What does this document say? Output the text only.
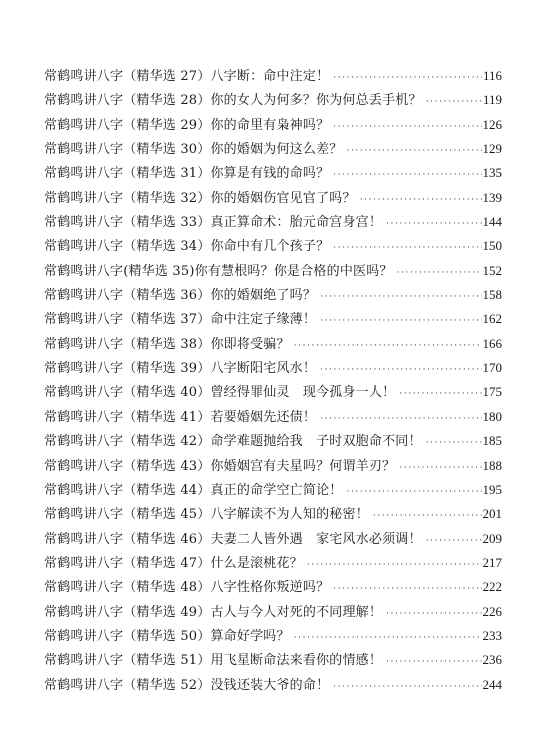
常鹤鸣讲八字（精华选 27）八字断：命中注定！ ·····	116
常鹤鸣讲八字（精华选 28）你的女人为何多？你为何总丢手机？ ·····	119
常鹤鸣讲八字（精华选 29）你的命里有枭神吗？ ·····	126
常鹤鸣讲八字（精华选 30）你的婚姻为何这么差？ ·····	129
常鹤鸣讲八字（精华选 31）你算是有钱的命吗？ ·····	135
常鹤鸣讲八字（精华选 32）你的婚姻伤官见官了吗？ ·····	139
常鹤鸣讲八字（精华选 33）真正算命术：胎元命宫身宫！ ·····	144
常鹤鸣讲八字（精华选 34）你命中有几个孩子？ ·····	150
常鹤鸣讲八字(精华选 35)你有慧根吗？你是合格的中医吗？ ·····	152
常鹤鸣讲八字（精华选 36）你的婚姻绝了吗？ ·····	158
常鹤鸣讲八字（精华选 37）命中注定子缘薄！ ·····	162
常鹤鸣讲八字（精华选 38）你即将受骗？ ·····	166
常鹤鸣讲八字（精华选 39）八字断阳宅风水！ ·····	170
常鹤鸣讲八字（精华选 40）曾经得罪仙灵　现今孤身一人！ ·····	175
常鹤鸣讲八字（精华选 41）若要婚姻先还债！ ·····	180
常鹤鸣讲八字（精华选 42）命学难题抛给我　子时双胞命不同！ ·····	185
常鹤鸣讲八字（精华选 43）你婚姻宫有夫星吗？何谓羊刃？ ·····	188
常鹤鸣讲八字（精华选 44）真正的命学空亡简论！ ·····	195
常鹤鸣讲八字（精华选 45）八字解读不为人知的秘密！ ·····	201
常鹤鸣讲八字（精华选 46）夫妻二人皆外遇　家宅风水必须调！ ·····	209
常鹤鸣讲八字（精华选 47）什么是滚桃花？ ·····	217
常鹤鸣讲八字（精华选 48）八字性格你叛逆吗？ ·····	222
常鹤鸣讲八字（精华选 49）古人与今人对死的不同理解！ ·····	226
常鹤鸣讲八字（精华选 50）算命好学吗？ ·····	233
常鹤鸣讲八字（精华选 51）用飞星断命法来看你的情感！ ·····	236
常鹤鸣讲八字（精华选 52）没钱还装大爷的命！ ·····	244
